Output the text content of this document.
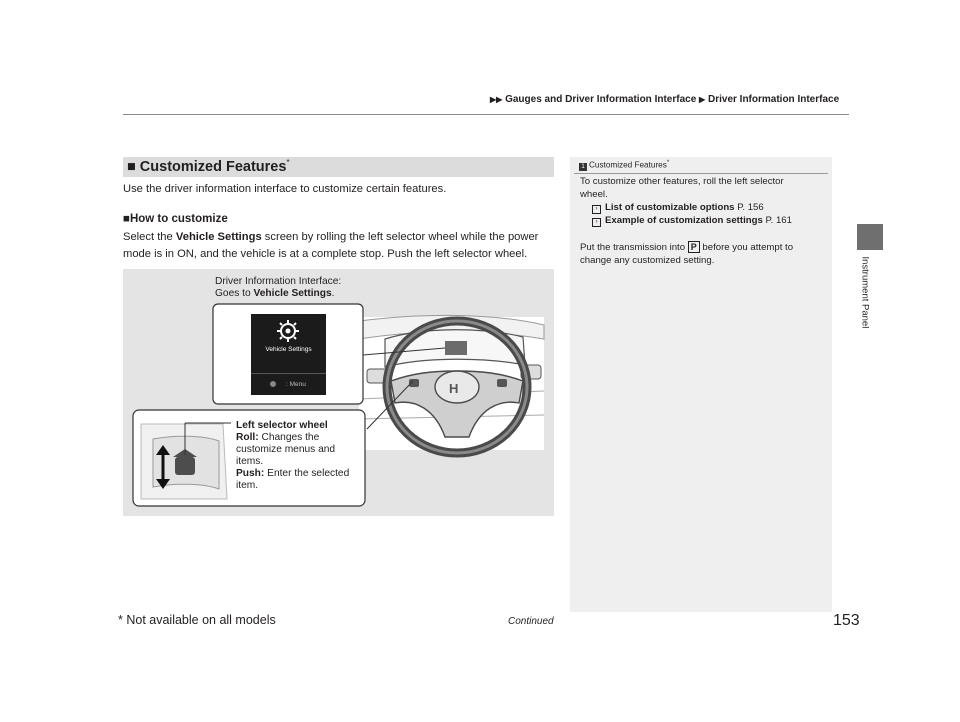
▶▶ Gauges and Driver Information Interface ▶ Driver Information Interface
Instrument Panel
■ Customized Features*
Use the driver information interface to customize certain features.
■How to customize
Select the Vehicle Settings screen by rolling the left selector wheel while the power
mode is in ON, and the vehicle is at a complete stop. Push the left selector wheel.
H
Driver Information Interface:
Goes to Vehicle Settings.
Vehicle Settings
: Menu
Left selector wheel
Roll: Changes the
customize menus and
items.
Push: Enter the selected
item.
1 Customized Features*
To customize other features, roll the left selector
wheel.
› List of customizable options P. 156
› Example of customization settings P. 161
Put the transmission into P before you attempt to
change any customized setting.
* Not available on all models	Continued	153
